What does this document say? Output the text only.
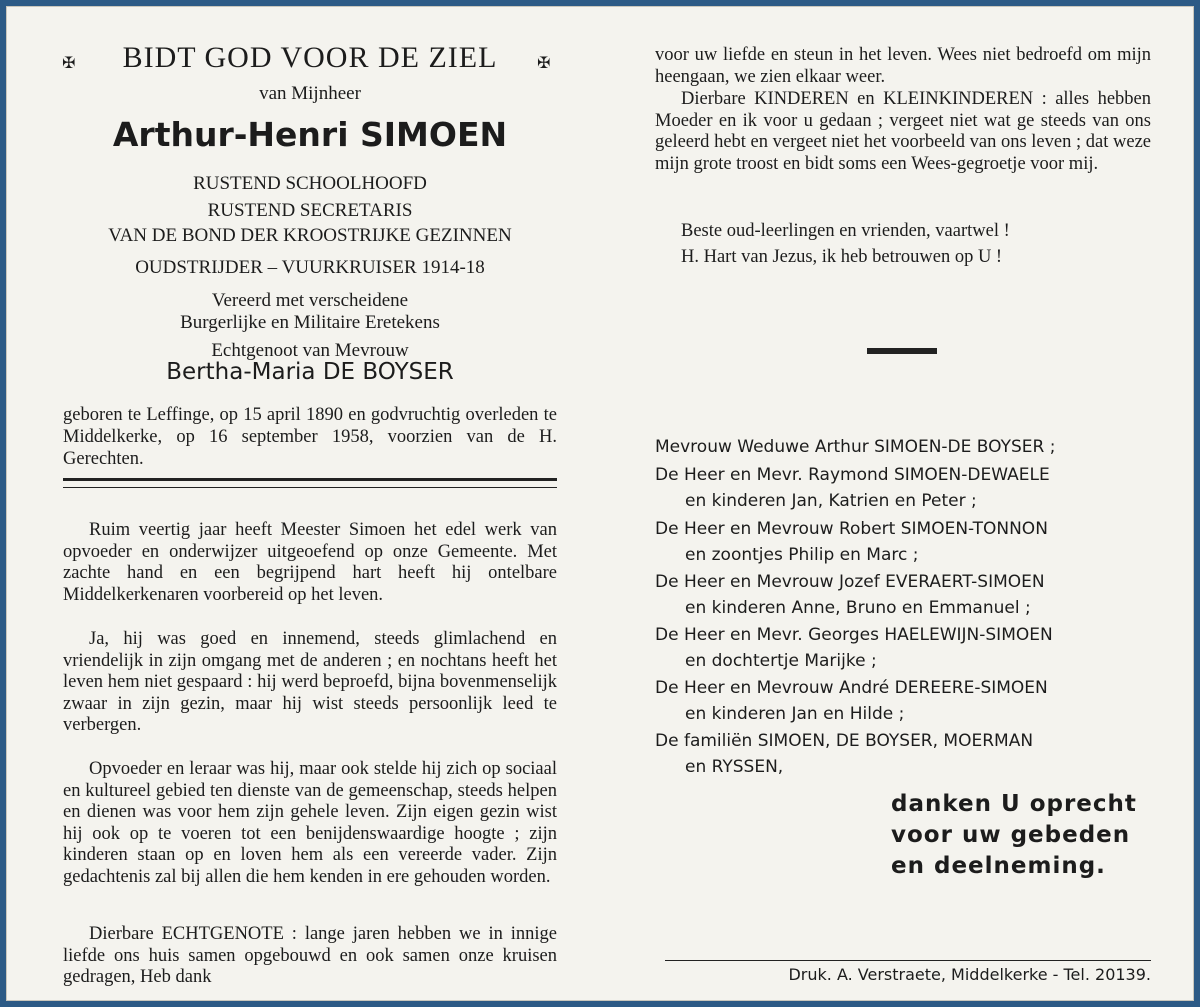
✠	✠
BIDT GOD VOOR DE ZIEL
van Mijnheer
Arthur-Henri SIMOEN
RUSTEND SCHOOLHOOFD
RUSTEND SECRETARIS
VAN DE BOND DER KROOSTRIJKE GEZINNEN
OUDSTRIJDER – VUURKRUISER 1914-18
Vereerd met verscheidene
Burgerlijke en Militaire Eretekens
Echtgenoot van Mevrouw
Bertha-Maria DE BOYSER
geboren te Leffinge, op 15 april 1890 en godvruchtig overleden te Middelkerke, op 16 september 1958, voorzien van de H. Gerechten.
Ruim veertig jaar heeft Meester Simoen het edel werk van opvoeder en onderwijzer uitgeoefend op onze Gemeente. Met zachte hand en een begrijpend hart heeft hij ontelbare Middelkerkenaren voorbereid op het leven.
Ja, hij was goed en innemend, steeds glimlachend en vriendelijk in zijn omgang met de anderen ; en nochtans heeft het leven hem niet gespaard : hij werd beproefd, bijna bovenmenselijk zwaar in zijn gezin, maar hij wist steeds persoonlijk leed te verbergen.
Opvoeder en leraar was hij, maar ook stelde hij zich op sociaal en kultureel gebied ten dienste van de gemeenschap, steeds helpen en dienen was voor hem zijn gehele leven. Zijn eigen gezin wist hij ook op te voeren tot een benijdenswaardige hoogte ; zijn kinderen staan op en loven hem als een vereerde vader. Zijn gedachtenis zal bij allen die hem kenden in ere gehouden worden.
Dierbare ECHTGENOTE : lange jaren hebben we in innige liefde ons huis samen opgebouwd en ook samen onze kruisen gedragen, Heb dank
voor uw liefde en steun in het leven. Wees niet bedroefd om mijn heengaan, we zien elkaar weer.
Dierbare KINDEREN en KLEINKINDEREN : alles hebben Moeder en ik voor u gedaan ; vergeet niet wat ge steeds van ons geleerd hebt en vergeet niet het voorbeeld van ons leven ; dat weze mijn grote troost en bidt soms een Wees-gegroetje voor mij.
Beste oud-leerlingen en vrienden, vaartwel !
H. Hart van Jezus, ik heb betrouwen op U !
Mevrouw Weduwe Arthur SIMOEN-DE BOYSER ;
De Heer en Mevr. Raymond SIMOEN-DEWAELE
en kinderen Jan, Katrien en Peter ;
De Heer en Mevrouw Robert SIMOEN-TONNON
en zoontjes Philip en Marc ;
De Heer en Mevrouw Jozef EVERAERT-SIMOEN
en kinderen Anne, Bruno en Emmanuel ;
De Heer en Mevr. Georges HAELEWIJN-SIMOEN
en dochtertje Marijke ;
De Heer en Mevrouw André DEREERE-SIMOEN
en kinderen Jan en Hilde ;
De familiën SIMOEN, DE BOYSER, MOERMAN
en RYSSEN,
danken U oprecht
voor uw gebeden
en deelneming.
Druk. A. Verstraete, Middelkerke - Tel. 20139.
